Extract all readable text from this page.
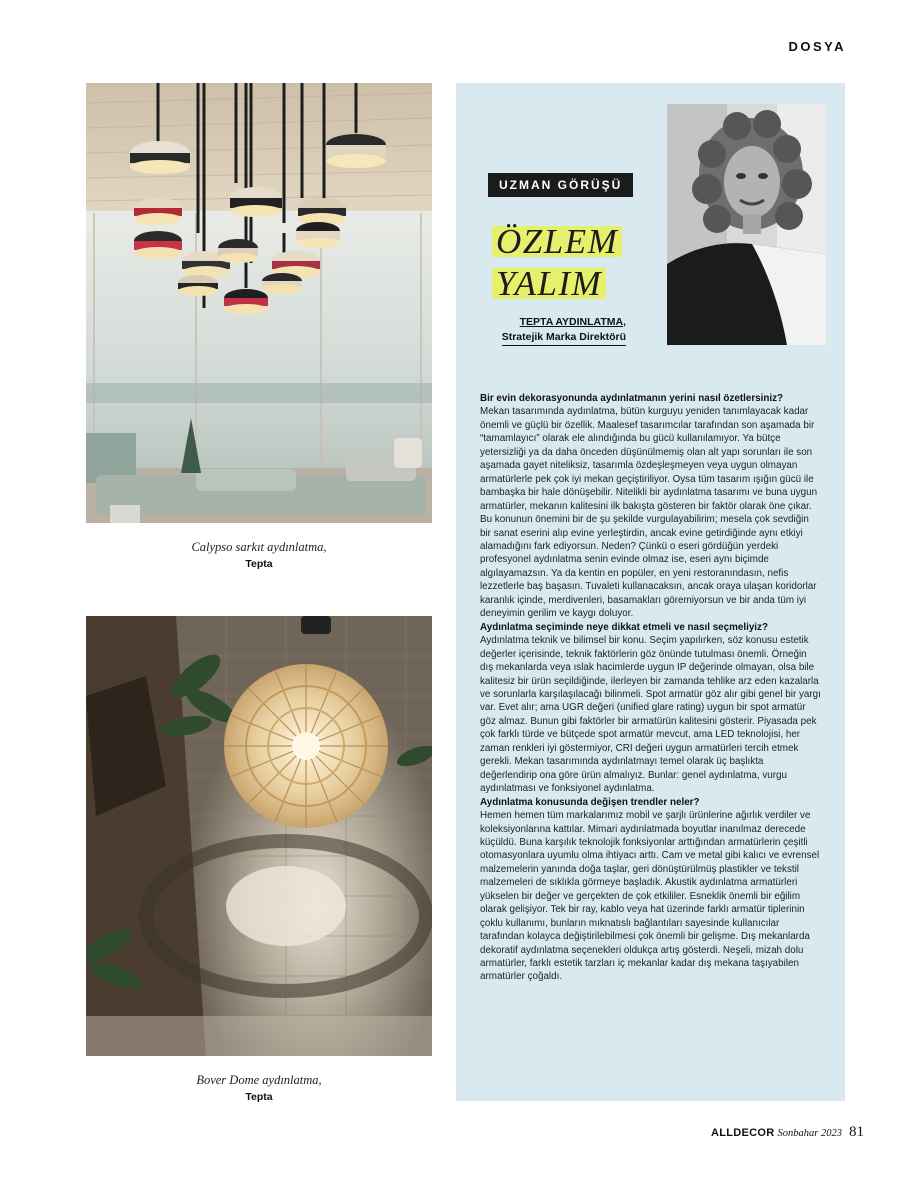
DOSYA
Calypso sarkıt aydınlatma,
Tepta
Bover Dome aydınlatma,
Tepta
UZMAN GÖRÜŞÜ
ÖZLEM
YALIM
TEPTA AYDINLATMA,
Stratejik Marka Direktörü
Bir evin dekorasyonunda aydınlatmanın yerini nasıl özetlersiniz?
Mekan tasarımında aydınlatma, bütün kurguyu yeniden tanımlayacak kadar önemli ve güçlü bir özellik. Maalesef tasarımcılar tarafından son aşamada bir “tamamlayıcı” olarak ele alındığında bu gücü kullanılamıyor. Ya bütçe yetersizliği ya da daha önceden düşünülmemiş olan alt yapı sorunları ile son aşamada gayet niteliksiz, tasarımla özdeşleşmeyen veya uygun olmayan armatürlerle pek çok iyi mekan geçiştiriliyor. Oysa tüm tasarım ışığın gücü ile bambaşka bir hale dönüşebilir. Nitelikli bir aydınlatma tasarımı ve buna uygun armatürler, mekanın kalitesini ilk bakışta gösteren bir faktör olarak öne çıkar. Bu konunun önemini bir de şu şekilde vurgulayabilirim; mesela çok sevdiğin bir sanat eserini alıp evine yerleştirdin, ancak evine getirdiğinde aynı etkiyi alamadığını fark ediyorsun. Neden? Çünkü o eseri gördüğün yerdeki profesyonel aydınlatma senin evinde olmaz ise, eseri aynı biçimde algılayamazsın. Ya da kentin en popüler, en yeni restoranındasın, nefis lezzetlerle baş başasın. Tuvaleti kullanacaksın, ancak oraya ulaşan koridorlar karanlık içinde, merdivenleri, basamakları göremiyorsun ve bir anda tüm iyi deneyimin gerilim ve kaygı doluyor.
Aydınlatma seçiminde neye dikkat etmeli ve nasıl seçmeliyiz?
Aydınlatma teknik ve bilimsel bir konu. Seçim yapılırken, söz konusu estetik değerler içerisinde, teknik faktörlerin göz önünde tutulması önemli. Örneğin dış mekanlarda veya ıslak hacimlerde uygun IP değerinde olmayan, olsa bile kalitesiz bir ürün seçildiğinde, ilerleyen bir zamanda tehlike arz eden kazalarla ve sorunlarla karşılaşılacağı bilinmeli. Spot armatür göz alır gibi genel bir yargı var. Evet alır; ama UGR değeri (unified glare rating) uygun bir spot armatür göz almaz. Bunun gibi faktörler bir armatürün kalitesini gösterir. Piyasada pek çok farklı türde ve bütçede spot armatür mevcut, ama LED teknolojisi, her zaman renkleri iyi göstermiyor, CRI değeri uygun armatürleri tercih etmek gerekli. Mekan tasarımında aydınlatmayı temel olarak üç başlıkta değerlendirip ona göre ürün almalıyız. Bunlar: genel aydınlatma, vurgu aydınlatması ve fonksiyonel aydınlatma.
Aydınlatma konusunda değişen trendler neler?
Hemen hemen tüm markalarımız mobil ve şarjlı ürünlerine ağırlık verdiler ve koleksiyonlarına kattılar. Mimari aydınlatmada boyutlar inanılmaz derecede küçüldü. Buna karşılık teknolojik fonksiyonlar arttığından armatürlerin çeşitli otomasyonlara uyumlu olma ihtiyacı arttı. Cam ve metal gibi kalıcı ve evrensel malzemelerin yanında doğa taşlar, geri dönüştürülmüş plastikler ve tekstil malzemeleri de sıklıkla görmeye başladık. Akustik aydınlatma armatürleri yükselen bir değer ve gerçekten de çok etkililer. Esneklik önemli bir eğilim olarak gelişiyor. Tek bir ray, kablo veya hat üzerinde farklı armatür tiplerinin çoklu kullanımı, bunların mıknatıslı bağlantıları sayesinde kullanıcılar tarafından kolayca değiştirilebilmesi çok önemli bir gelişme. Dış mekanlarda dekoratif aydınlatma seçenekleri oldukça artış gösterdi. Neşeli, mizah dolu armatürler, farklı estetik tarzları iç mekanlar kadar dış mekana taşıyabilen armatürler çoğaldı.
ALLDECOR Sonbahar 2023 81
